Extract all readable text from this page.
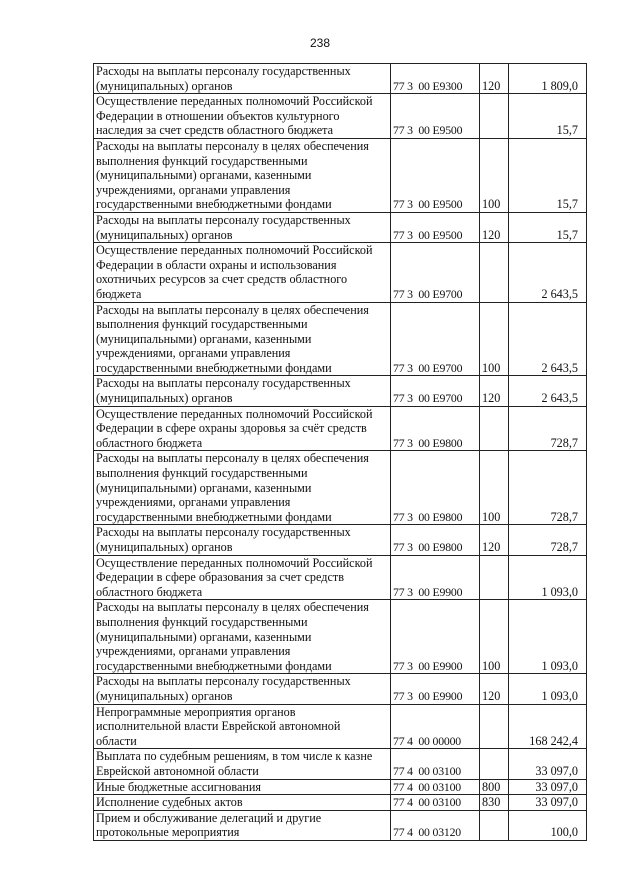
238
Расходы на выплаты персоналу государственных
(муниципальных) органов	77 3  00 Е9300	120	1 809,0

Осуществление переданных полномочий Российской
Федерации в отношении объектов культурного
наследия за счет средств областного бюджета	77 3  00 Е9500		15,7

Расходы на выплаты персоналу в целях обеспечения
выполнения функций государственными
(муниципальными) органами, казенными
учреждениями, органами управления
государственными внебюджетными фондами	77 3  00 Е9500	100	15,7

Расходы на выплаты персоналу государственных
(муниципальных) органов	77 3  00 Е9500	120	15,7

Осуществление переданных полномочий Российской
Федерации в области охраны и использования
охотничьих ресурсов за счет средств областного
бюджета	77 3  00 Е9700		2 643,5

Расходы на выплаты персоналу в целях обеспечения
выполнения функций государственными
(муниципальными) органами, казенными
учреждениями, органами управления
государственными внебюджетными фондами	77 3  00 Е9700	100	2 643,5

Расходы на выплаты персоналу государственных
(муниципальных) органов	77 3  00 Е9700	120	2 643,5

Осуществление переданных полномочий Российской
Федерации в сфере охраны здоровья за счёт средств
областного бюджета	77 3  00 Е9800		728,7

Расходы на выплаты персоналу в целях обеспечения
выполнения функций государственными
(муниципальными) органами, казенными
учреждениями, органами управления
государственными внебюджетными фондами	77 3  00 Е9800	100	728,7

Расходы на выплаты персоналу государственных
(муниципальных) органов	77 3  00 Е9800	120	728,7

Осуществление переданных полномочий Российской
Федерации в сфере образования за счет средств
областного бюджета	77 3  00 Е9900		1 093,0

Расходы на выплаты персоналу в целях обеспечения
выполнения функций государственными
(муниципальными) органами, казенными
учреждениями, органами управления
государственными внебюджетными фондами	77 3  00 Е9900	100	1 093,0

Расходы на выплаты персоналу государственных
(муниципальных) органов	77 3  00 Е9900	120	1 093,0

Непрограммные мероприятия органов
исполнительной власти Еврейской автономной
области	77 4  00 00000		168 242,4

Выплата по судебным решениям, в том числе к казне
Еврейской автономной области	77 4  00 03100		33 097,0

Иные бюджетные ассигнования	77 4  00 03100	800	33 097,0

Исполнение судебных актов	77 4  00 03100	830	33 097,0

Прием и обслуживание делегаций и другие
протокольные мероприятия	77 4  00 03120		100,0
